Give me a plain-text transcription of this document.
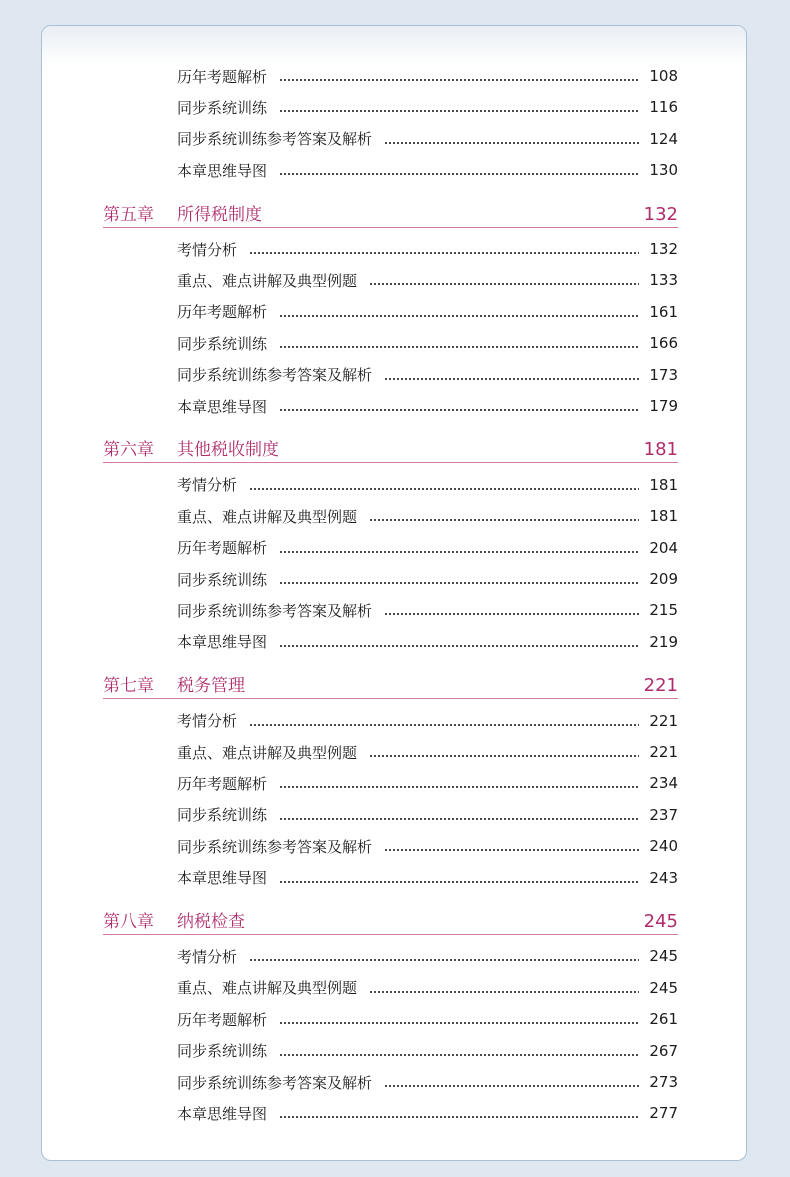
历年考题解析	108
同步系统训练	116
同步系统训练参考答案及解析	124
本章思维导图	130
第五章 所得税制度	132
考情分析	132
重点、难点讲解及典型例题	133
历年考题解析	161
同步系统训练	166
同步系统训练参考答案及解析	173
本章思维导图	179
第六章 其他税收制度	181
考情分析	181
重点、难点讲解及典型例题	181
历年考题解析	204
同步系统训练	209
同步系统训练参考答案及解析	215
本章思维导图	219
第七章 税务管理	221
考情分析	221
重点、难点讲解及典型例题	221
历年考题解析	234
同步系统训练	237
同步系统训练参考答案及解析	240
本章思维导图	243
第八章 纳税检查	245
考情分析	245
重点、难点讲解及典型例题	245
历年考题解析	261
同步系统训练	267
同步系统训练参考答案及解析	273
本章思维导图	277
